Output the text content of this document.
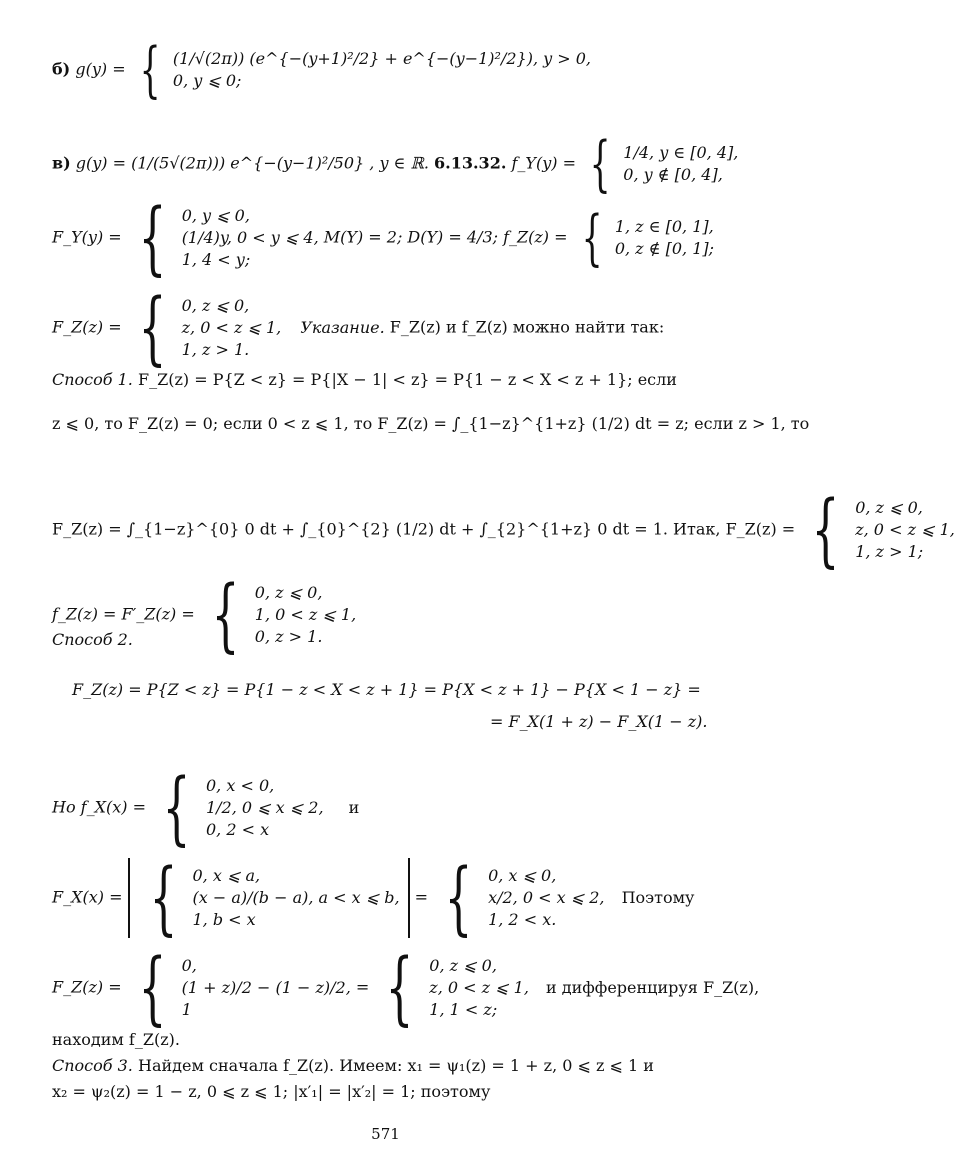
б) g(y) = { (1/√(2π)) (e^{−(y+1)²/2} + e^{−(y−1)²/2}), y > 0,
0, y ⩽ 0;
в) g(y) = (1/(5√(2π))) e^{−(y−1)²/50} , y ∈ ℝ. 6.13.32. f_Y(y) = { 1/4, y ∈ [0, 4],
0, y ∉ [0, 4],
F_Y(y) = { 0, y ⩽ 0,
(1/4)y, 0 < y ⩽ 4,
1, 4 < y;
M(Y) = 2; D(Y) = 4/3; f_Z(z) = { 1, z ∈ [0, 1],
0, z ∉ [0, 1];
F_Z(z) = { 0, z ⩽ 0,
z, 0 < z ⩽ 1,
1, z > 1.
Указание. F_Z(z) и f_Z(z) можно найти так:
Способ 1. F_Z(z) = P{Z < z} = P{|X − 1| < z} = P{1 − z < X < z + 1}; если
z ⩽ 0, то F_Z(z) = 0; если 0 < z ⩽ 1, то F_Z(z) = ∫_{1−z}^{1+z} (1/2) dt = z; если z > 1, то
F_Z(z) = ∫_{1−z}^{0} 0 dt + ∫_{0}^{2} (1/2) dt + ∫_{2}^{1+z} 0 dt = 1. Итак, F_Z(z) = { 0, z ⩽ 0,
z, 0 < z ⩽ 1,
1, z > 1;
f_Z(z) = F′_Z(z) = { 0, z ⩽ 0,
1, 0 < z ⩽ 1,
0, z > 1.
Способ 2.
F_Z(z) = P{Z < z} = P{1 − z < X < z + 1} = P{X < z + 1} − P{X < 1 − z} =
= F_X(1 + z) − F_X(1 − z).
Но f_X(x) = { 0, x < 0,
1/2, 0 ⩽ x ⩽ 2,
0, 2 < x
и
F_X(x) = { 0, x ⩽ a,
(x − a)/(b − a), a < x ⩽ b,
1, b < x
= { 0, x ⩽ 0,
x/2, 0 < x ⩽ 2,
1, 2 < x.
Поэтому
F_Z(z) = { 0,
(1 + z)/2 − (1 − z)/2,
1
= { 0, z ⩽ 0,
z, 0 < z ⩽ 1,
1, 1 < z;
и дифференцируя F_Z(z),
находим f_Z(z).
Способ 3. Найдем сначала f_Z(z). Имеем: x₁ = ψ₁(z) = 1 + z, 0 ⩽ z ⩽ 1 и
x₂ = ψ₂(z) = 1 − z, 0 ⩽ z ⩽ 1; |x′₁| = |x′₂| = 1; поэтому
571
